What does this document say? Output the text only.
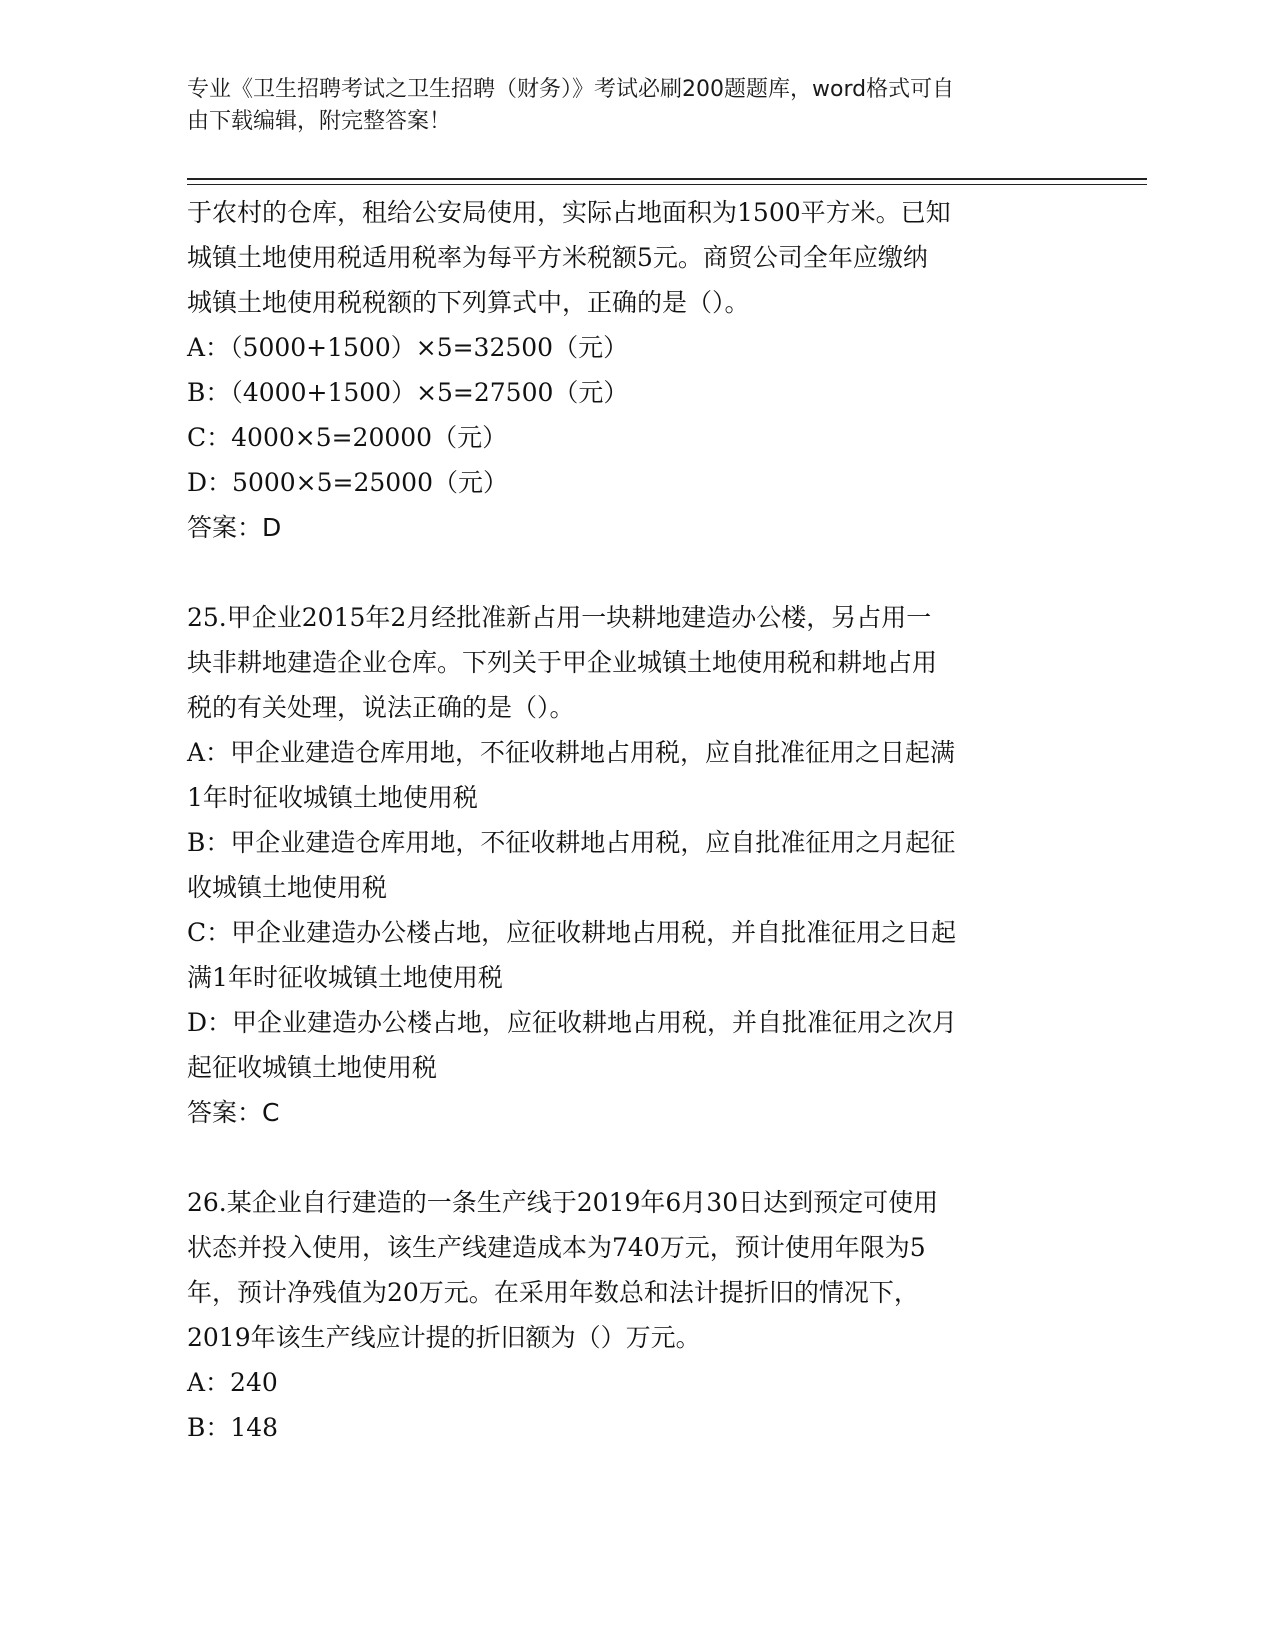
专业《卫生招聘考试之卫生招聘（财务）》考试必刷200题题库，word格式可自
由下载编辑，附完整答案！
于农村的仓库，租给公安局使用，实际占地面积为1500平方米。已知
城镇土地使用税适用税率为每平方米税额5元。商贸公司全年应缴纳
城镇土地使用税税额的下列算式中，正确的是（）。
A：（5000+1500）×5=32500（元）
B：（4000+1500）×5=27500（元）
C：4000×5=20000（元）
D：5000×5=25000（元）
答案：D
25.甲企业2015年2月经批准新占用一块耕地建造办公楼，另占用一
块非耕地建造企业仓库。下列关于甲企业城镇土地使用税和耕地占用
税的有关处理，说法正确的是（）。
A：甲企业建造仓库用地，不征收耕地占用税，应自批准征用之日起满
1年时征收城镇土地使用税
B：甲企业建造仓库用地，不征收耕地占用税，应自批准征用之月起征
收城镇土地使用税
C：甲企业建造办公楼占地，应征收耕地占用税，并自批准征用之日起
满1年时征收城镇土地使用税
D：甲企业建造办公楼占地，应征收耕地占用税，并自批准征用之次月
起征收城镇土地使用税
答案：C
26.某企业自行建造的一条生产线于2019年6月30日达到预定可使用
状态并投入使用，该生产线建造成本为740万元，预计使用年限为5
年，预计净残值为20万元。在采用年数总和法计提折旧的情况下，
2019年该生产线应计提的折旧额为（）万元。
A：240
B：148
